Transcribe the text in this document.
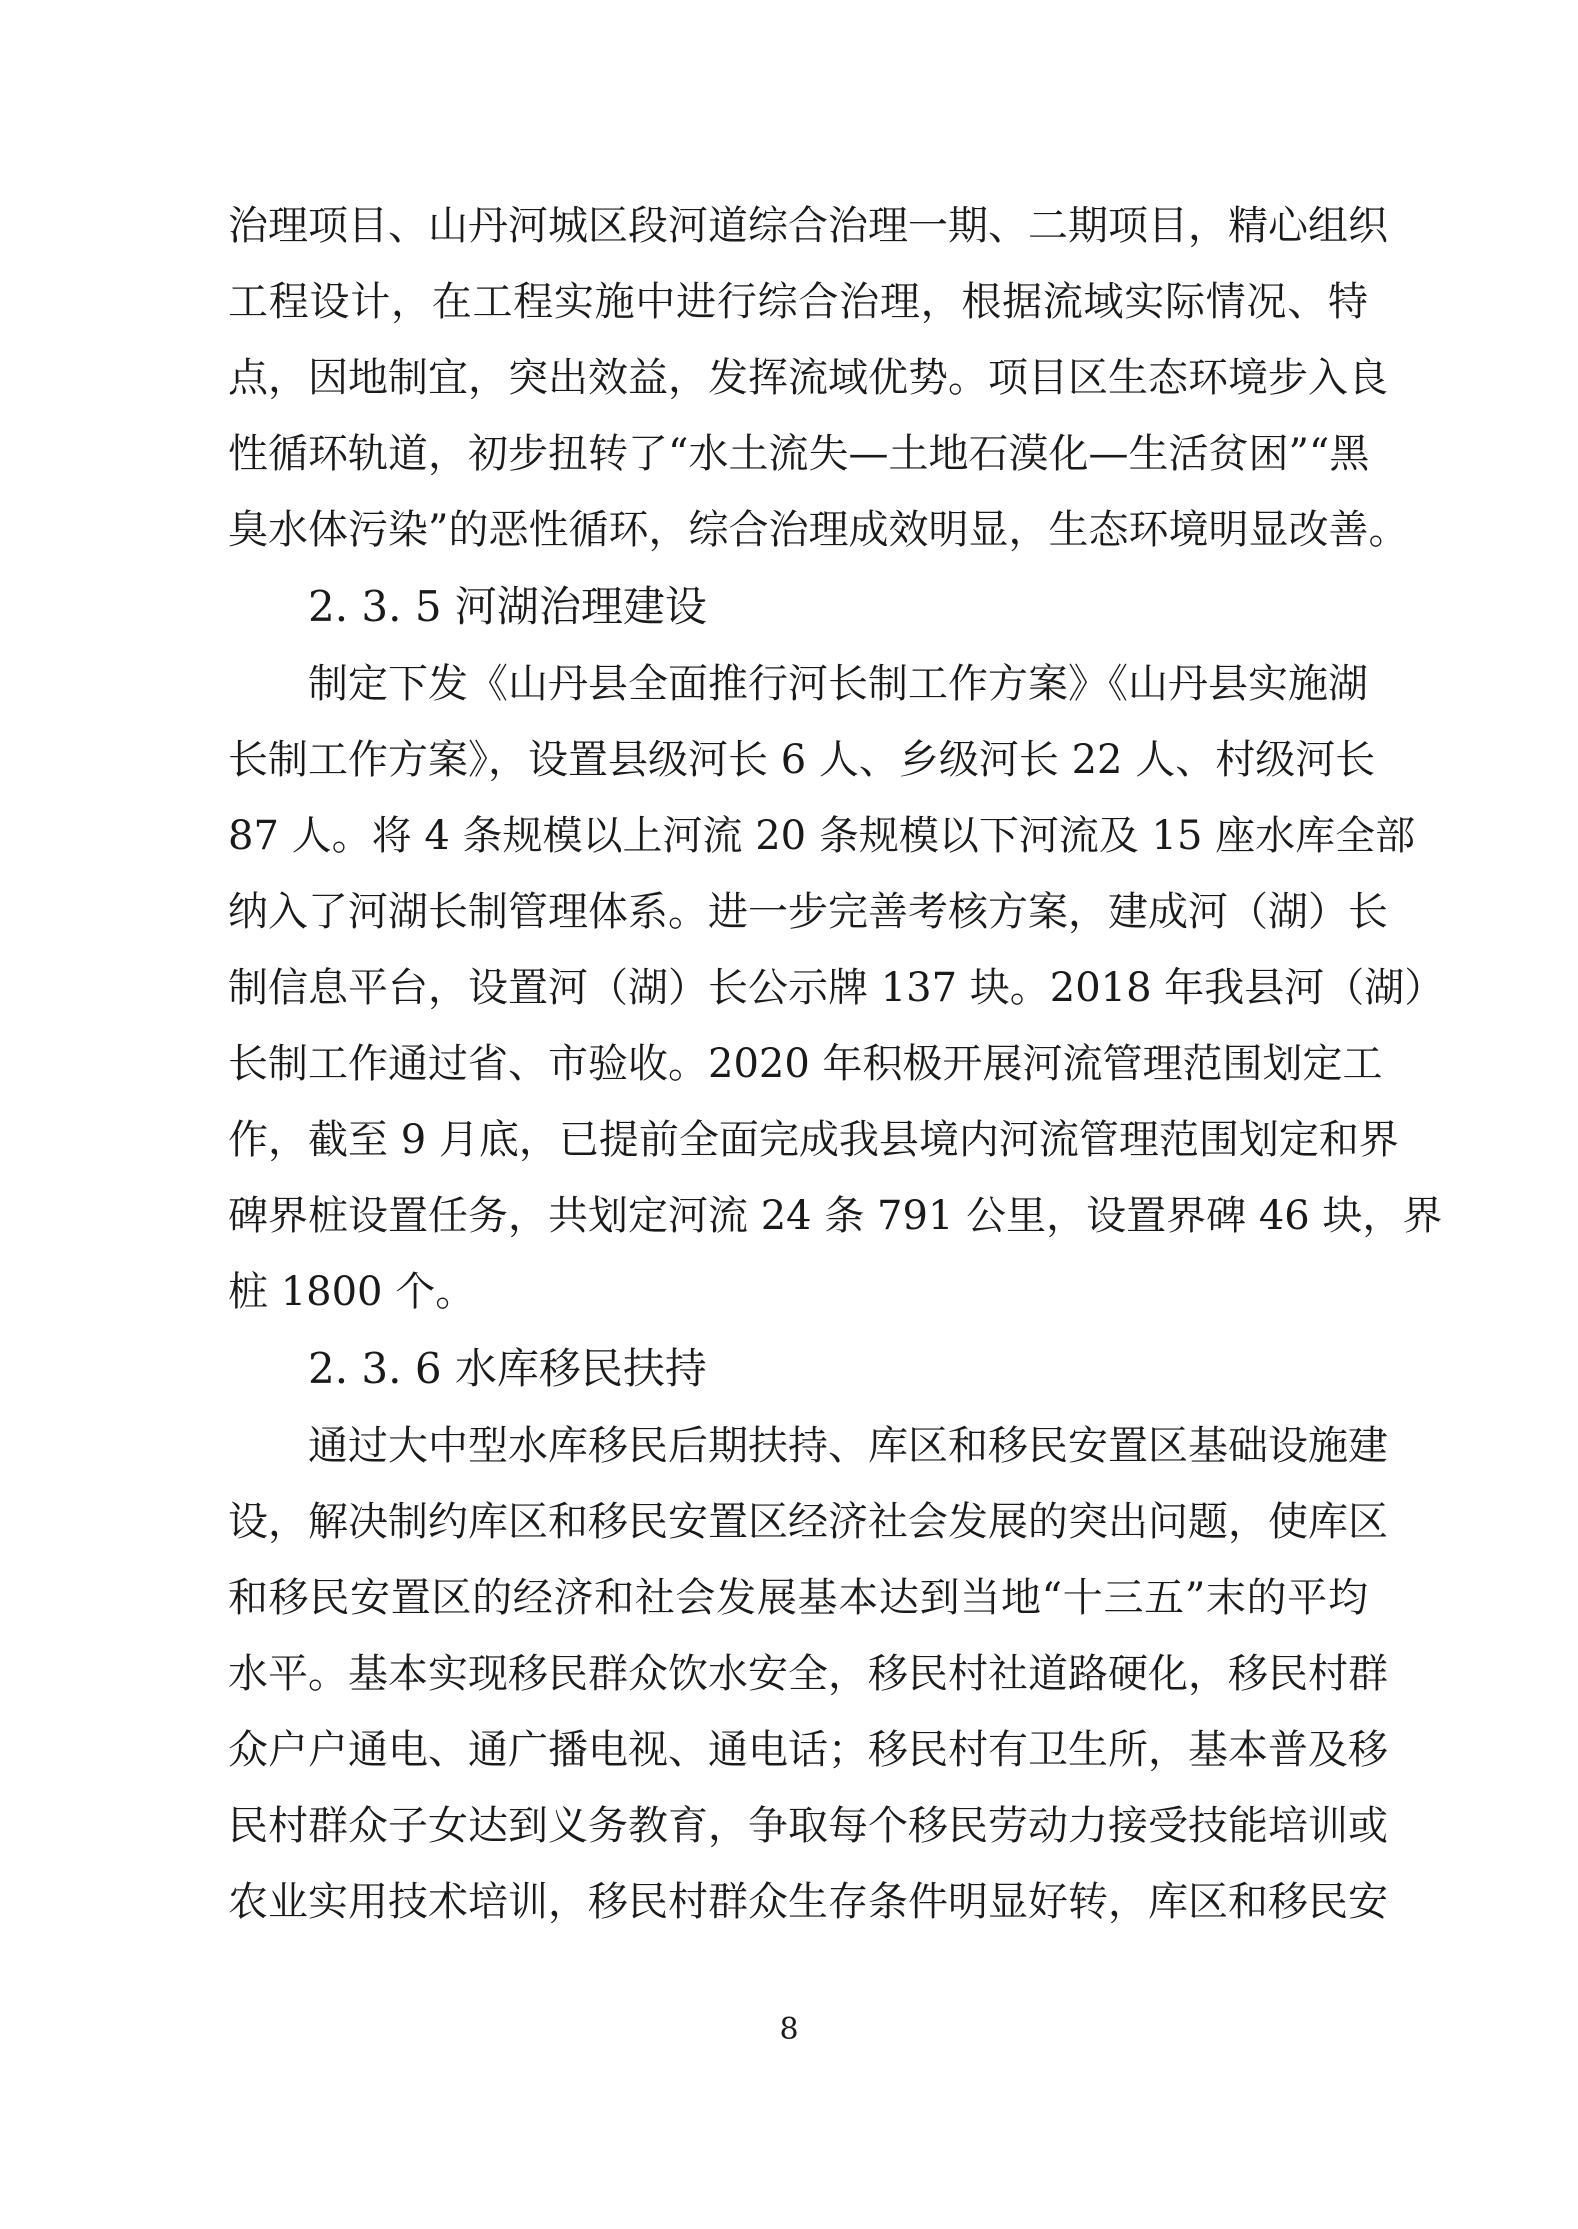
治理项目、山丹河城区段河道综合治理一期、二期项目，精心组织
工程设计，在工程实施中进行综合治理，根据流域实际情况、特
点，因地制宜，突出效益，发挥流域优势。项目区生态环境步入良
性循环轨道，初步扭转了“水土流失—土地石漠化—生活贫困”“黑
臭水体污染”的恶性循环，综合治理成效明显，生态环境明显改善。
2. 3. 5 河湖治理建设
制定下发《山丹县全面推行河长制工作方案》《山丹县实施湖
长制工作方案》，设置县级河长 6 人、乡级河长 22 人、村级河长
87 人。将 4 条规模以上河流 20 条规模以下河流及 15 座水库全部
纳入了河湖长制管理体系。进一步完善考核方案，建成河（湖）长
制信息平台，设置河（湖）长公示牌 137 块。2018 年我县河（湖）
长制工作通过省、市验收。2020 年积极开展河流管理范围划定工
作，截至 9 月底，已提前全面完成我县境内河流管理范围划定和界
碑界桩设置任务，共划定河流 24 条 791 公里，设置界碑 46 块，界
桩 1800 个。
2. 3. 6 水库移民扶持
通过大中型水库移民后期扶持、库区和移民安置区基础设施建
设，解决制约库区和移民安置区经济社会发展的突出问题，使库区
和移民安置区的经济和社会发展基本达到当地“十三五”末的平均
水平。基本实现移民群众饮水安全，移民村社道路硬化，移民村群
众户户通电、通广播电视、通电话；移民村有卫生所，基本普及移
民村群众子女达到义务教育，争取每个移民劳动力接受技能培训或
农业实用技术培训，移民村群众生存条件明显好转，库区和移民安
8
